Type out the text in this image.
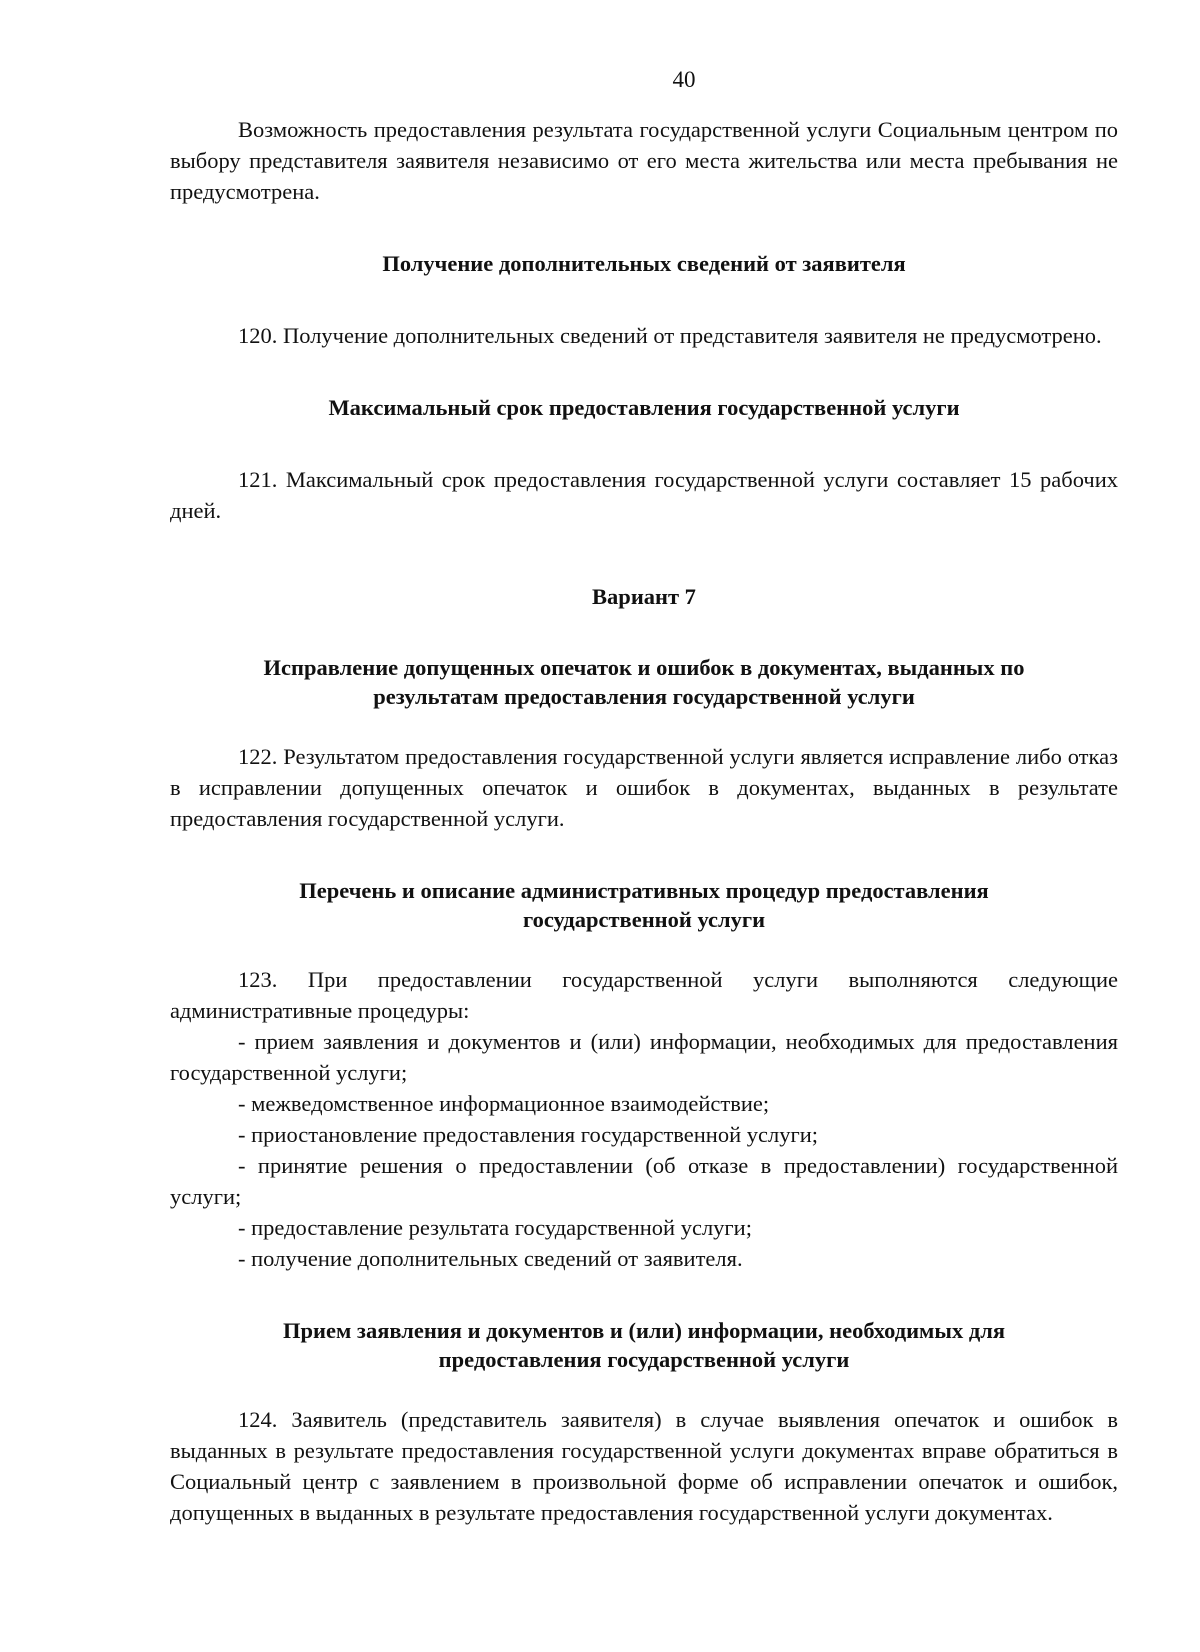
40

Возможность предоставления результата государственной услуги Социальным центром по выбору представителя заявителя независимо от его места жительства или места пребывания не предусмотрена.

Получение дополнительных сведений от заявителя

120. Получение дополнительных сведений от представителя заявителя не предусмотрено.

Максимальный срок предоставления государственной услуги

121. Максимальный срок предоставления государственной услуги составляет 15 рабочих дней.

Вариант 7

Исправление допущенных опечаток и ошибок в документах, выданных по

результатам предоставления государственной услуги

122. Результатом предоставления государственной услуги является исправление либо отказ в исправлении допущенных опечаток и ошибок в документах, выданных в результате предоставления государственной услуги.

Перечень и описание административных процедур предоставления

государственной услуги

123. При предоставлении государственной услуги выполняются следующие административные процедуры:

- прием заявления и документов и (или) информации, необходимых для предоставления государственной услуги;

- межведомственное информационное взаимодействие;

- приостановление предоставления государственной услуги;

- принятие решения о предоставлении (об отказе в предоставлении) государственной услуги;

- предоставление результата государственной услуги;

- получение дополнительных сведений от заявителя.

Прием заявления и документов и (или) информации, необходимых для

предоставления государственной услуги

124. Заявитель (представитель заявителя) в случае выявления опечаток и ошибок в выданных в результате предоставления государственной услуги документах вправе обратиться в Социальный центр с заявлением в произвольной форме об исправлении опечаток и ошибок, допущенных в выданных в результате предоставления государственной услуги документах.
